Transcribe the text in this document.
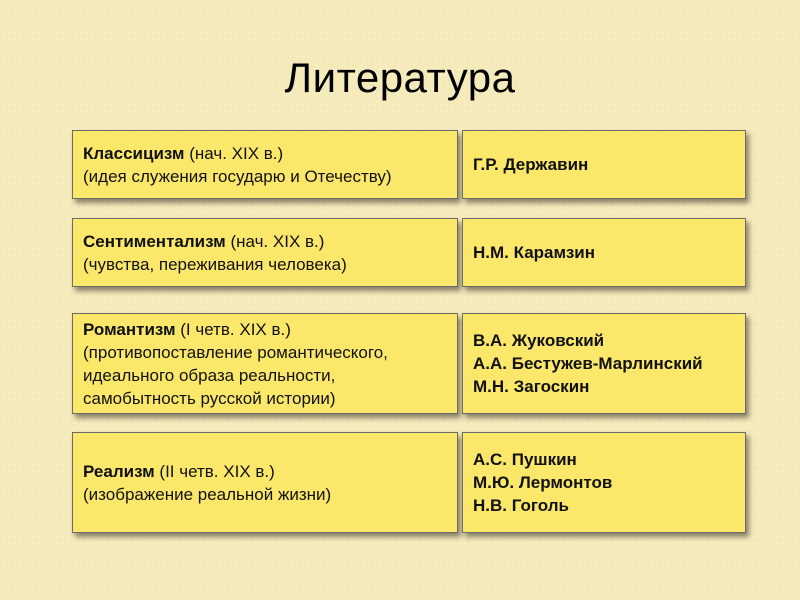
Литература
Классицизм (нач. XIX в.)
(идея служения государю и Отечеству)
Г.Р. Державин
Сентиментализм (нач. XIX в.)
(чувства, переживания человека)
Н.М. Карамзин
Романтизм (I четв. XIX в.)
(противопоставление романтического,
идеального образа реальности,
самобытность русской истории)
В.А. Жуковский
А.А. Бестужев-Марлинский
М.Н. Загоскин
Реализм (II четв. XIX в.)
(изображение реальной жизни)
А.С. Пушкин
М.Ю. Лермонтов
Н.В. Гоголь
